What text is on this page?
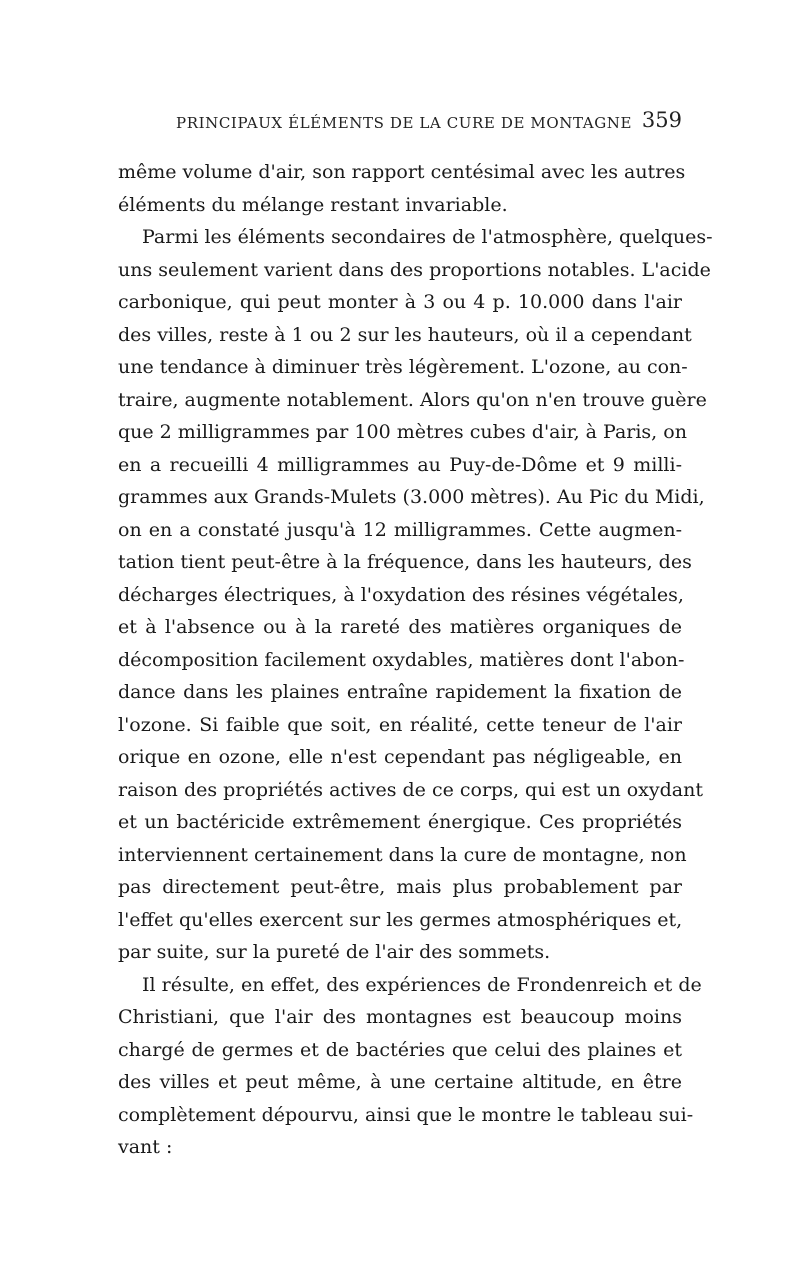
PRINCIPAUX ÉLÉMENTS DE LA CURE DE MONTAGNE 359
même volume d'air, son rapport centésimal avec les autres
éléments du mélange restant invariable.
Parmi les éléments secondaires de l'atmosphère, quelques-
uns seulement varient dans des proportions notables. L'acide
carbonique, qui peut monter à 3 ou 4 p. 10.000 dans l'air
des villes, reste à 1 ou 2 sur les hauteurs, où il a cependant
une tendance à diminuer très légèrement. L'ozone, au con-
traire, augmente notablement. Alors qu'on n'en trouve guère
que 2 milligrammes par 100 mètres cubes d'air, à Paris, on
en a recueilli 4 milligrammes au Puy-de-Dôme et 9 milli-
grammes aux Grands-Mulets (3.000 mètres). Au Pic du Midi,
on en a constaté jusqu'à 12 milligrammes. Cette augmen-
tation tient peut-être à la fréquence, dans les hauteurs, des
décharges électriques, à l'oxydation des résines végétales,
et à l'absence ou à la rareté des matières organiques de
décomposition facilement oxydables, matières dont l'abon-
dance dans les plaines entraîne rapidement la fixation de
l'ozone. Si faible que soit, en réalité, cette teneur de l'air
orique en ozone, elle n'est cependant pas négligeable, en
raison des propriétés actives de ce corps, qui est un oxydant
et un bactéricide extrêmement énergique. Ces propriétés
interviennent certainement dans la cure de montagne, non
pas directement peut-être, mais plus probablement par
l'effet qu'elles exercent sur les germes atmosphériques et,
par suite, sur la pureté de l'air des sommets.
Il résulte, en effet, des expériences de Frondenreich et de
Christiani, que l'air des montagnes est beaucoup moins
chargé de germes et de bactéries que celui des plaines et
des villes et peut même, à une certaine altitude, en être
complètement dépourvu, ainsi que le montre le tableau sui-
vant :
